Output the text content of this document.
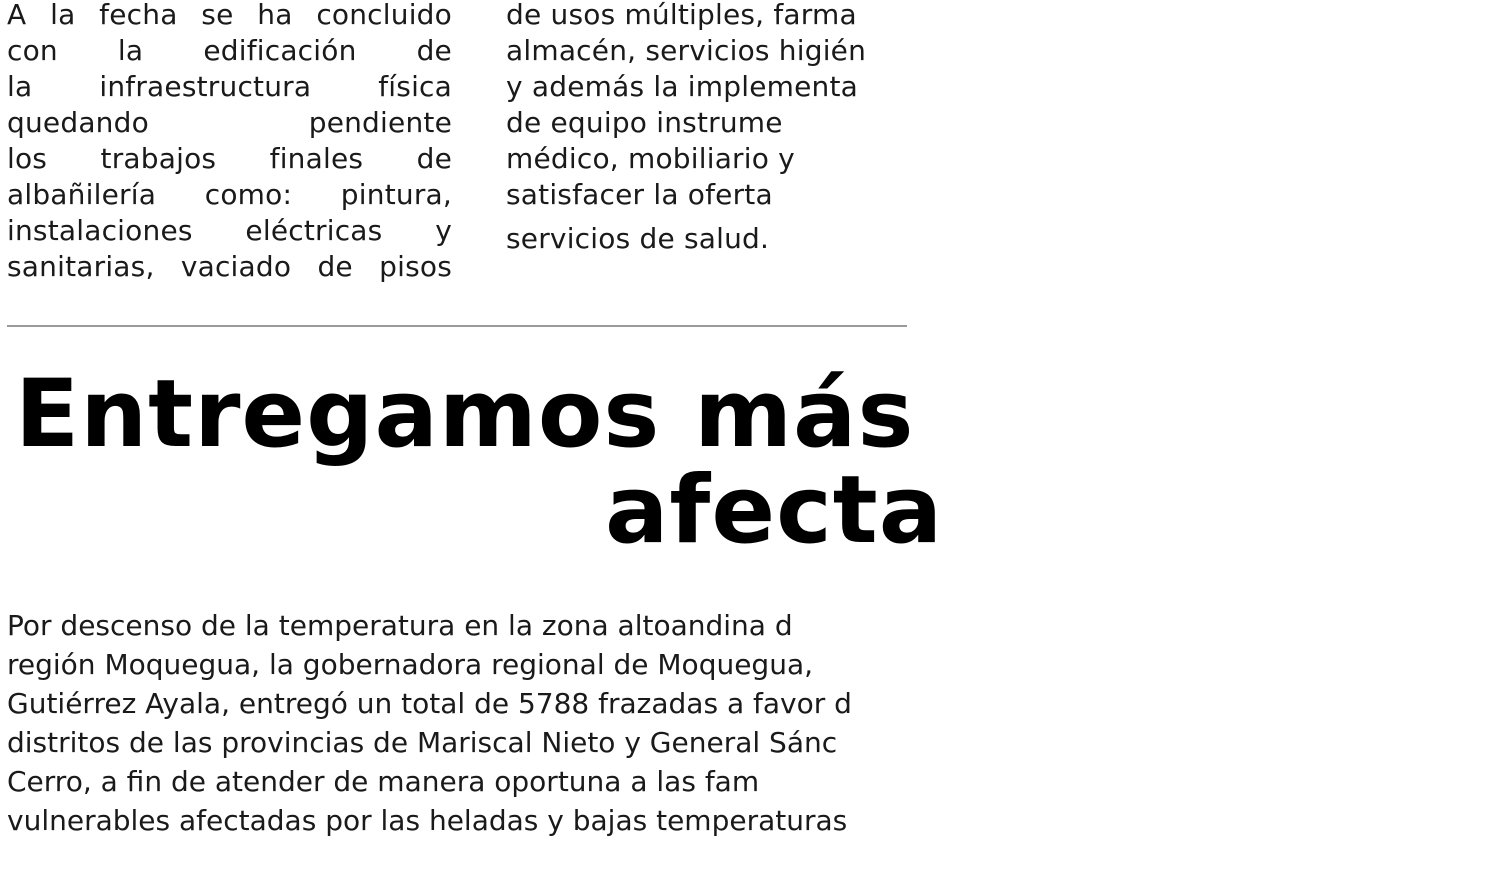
A la fecha se ha concluido
con la edificación de
la infraestructura física
quedando pendiente
los trabajos finales de
albañilería como: pintura,
instalaciones eléctricas y
sanitarias, vaciado de pisos
de usos múltiples, farma
almacén, servicios higién
y además la implementa
de equipo instrume
médico, mobiliario y
satisfacer la oferta
servicios de salud.
Entregamos más
afecta

Por descenso de la temperatura en la zona altoandina d
región Moquegua, la gobernadora regional de Moquegua,
Gutiérrez Ayala, entregó un total de 5788 frazadas a favor d
distritos de las provincias de Mariscal Nieto y General Sánc
Cerro, a fin de atender de manera oportuna a las fam
vulnerables afectadas por las heladas y bajas temperaturas
